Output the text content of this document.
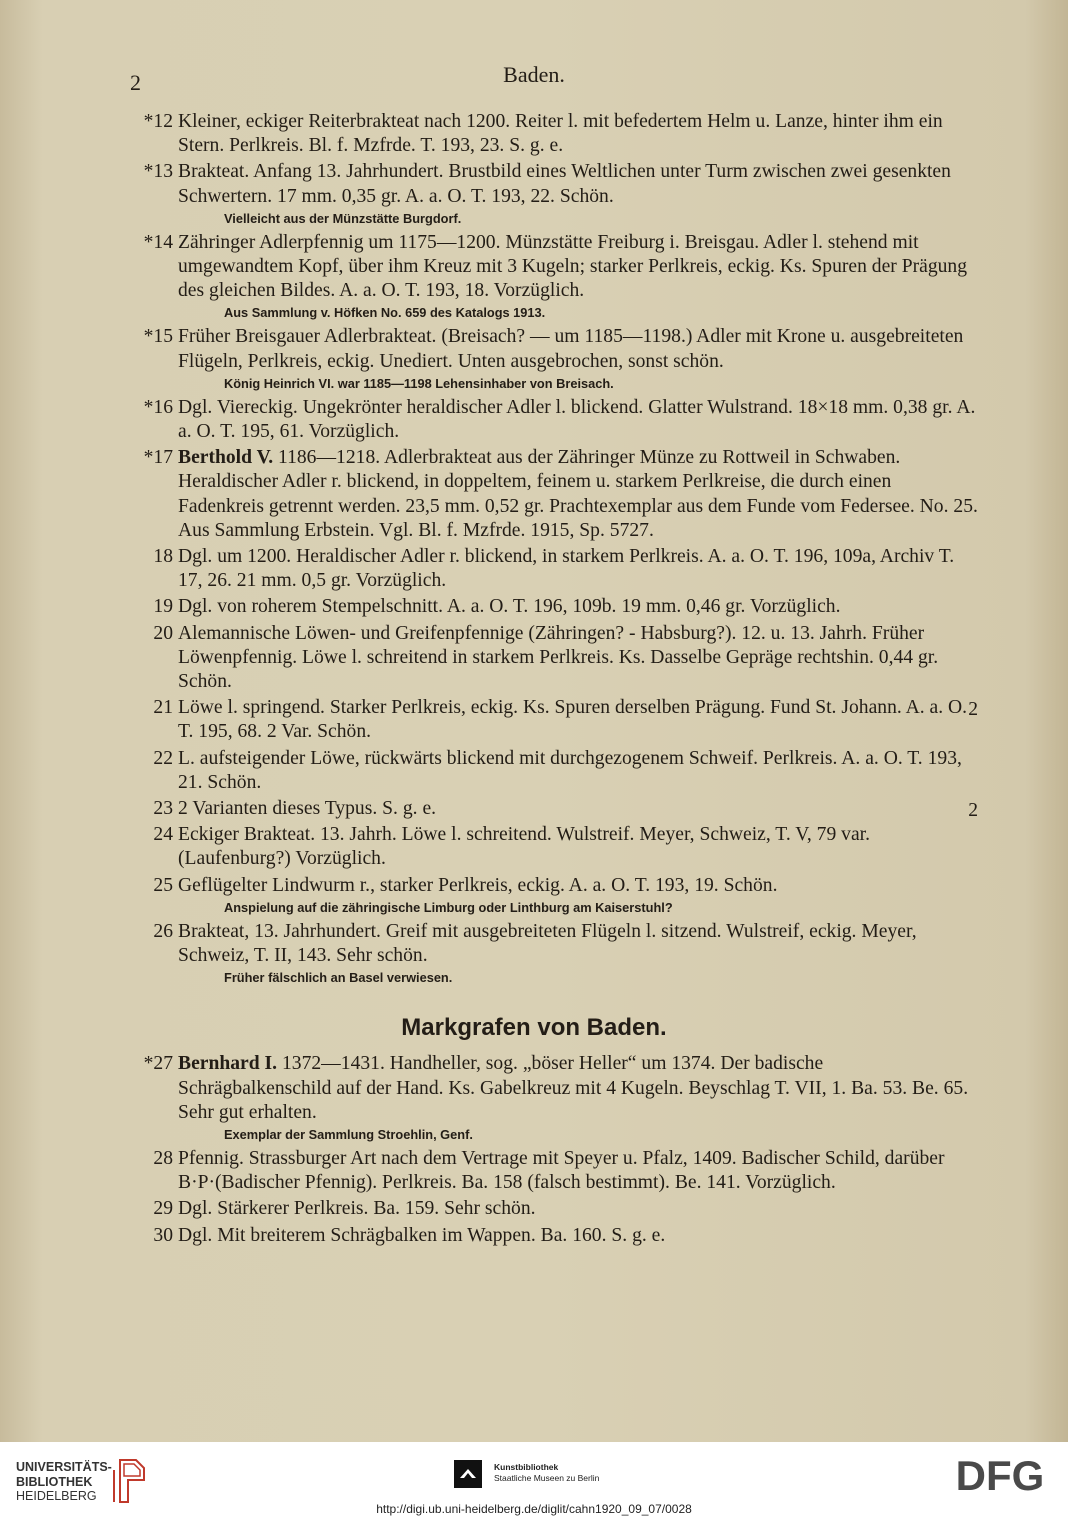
2	Baden.
*12 Kleiner, eckiger Reiterbrakteat nach 1200. Reiter l. mit befedertem Helm u. Lanze, hinter ihm ein Stern. Perlkreis. Bl. f. Mzfrde. T. 193, 23. S. g. e.
*13 Brakteat. Anfang 13. Jahrhundert. Brustbild eines Weltlichen unter Turm zwischen zwei gesenkten Schwertern. 17 mm. 0,35 gr. A. a. O. T. 193, 22. Schön.
Vielleicht aus der Münzstätte Burgdorf.
*14 Zähringer Adlerpfennig um 1175—1200. Münzstätte Freiburg i. Breisgau. Adler l. stehend mit umgewandtem Kopf, über ihm Kreuz mit 3 Kugeln; starker Perlkreis, eckig. Ks. Spuren der Prägung des gleichen Bildes. A. a. O. T. 193, 18. Vorzüglich.
Aus Sammlung v. Höfken No. 659 des Katalogs 1913.
*15 Früher Breisgauer Adlerbrakteat. (Breisach? — um 1185—1198.) Adler mit Krone u. ausgebreiteten Flügeln, Perlkreis, eckig. Unediert. Unten ausgebrochen, sonst schön.
König Heinrich VI. war 1185—1198 Lehensinhaber von Breisach.
*16 Dgl. Viereckig. Ungekrönter heraldischer Adler l. blickend. Glatter Wulstrand. 18×18 mm. 0,38 gr. A. a. O. T. 195, 61. Vorzüglich.
*17 Berthold V. 1186—1218. Adlerbrakteat aus der Zähringer Münze zu Rottweil in Schwaben. Heraldischer Adler r. blickend, in doppeltem, feinem u. starkem Perlkreise, die durch einen Fadenkreis getrennt werden. 23,5 mm. 0,52 gr. Prachtexemplar aus dem Funde vom Federsee. No. 25. Aus Sammlung Erbstein. Vgl. Bl. f. Mzfrde. 1915, Sp. 5727.
18 Dgl. um 1200. Heraldischer Adler r. blickend, in starkem Perlkreis. A. a. O. T. 196, 109a, Archiv T. 17, 26. 21 mm. 0,5 gr. Vorzüglich.
19 Dgl. von roherem Stempelschnitt. A. a. O. T. 196, 109b. 19 mm. 0,46 gr. Vorzüglich.
20 Alemannische Löwen- und Greifenpfennige (Zähringen? - Habsburg?). 12. u. 13. Jahrh. Früher Löwenpfennig. Löwe l. schreitend in starkem Perlkreis. Ks. Dasselbe Gepräge rechtshin. 0,44 gr. Schön.
21	2
Löwe l. springend. Starker Perlkreis, eckig. Ks. Spuren derselben Prägung. Fund St. Johann. A. a. O. T. 195, 68. 2 Var. Schön.
22 L. aufsteigender Löwe, rückwärts blickend mit durchgezogenem Schweif. Perlkreis. A. a. O. T. 193, 21. Schön.
23	2
2 Varianten dieses Typus. S. g. e.
24 Eckiger Brakteat. 13. Jahrh. Löwe l. schreitend. Wulstreif. Meyer, Schweiz, T. V, 79 var. (Laufenburg?) Vorzüglich.
25 Geflügelter Lindwurm r., starker Perlkreis, eckig. A. a. O. T. 193, 19. Schön.
Anspielung auf die zähringische Limburg oder Linthburg am Kaiserstuhl?
26 Brakteat, 13. Jahrhundert. Greif mit ausgebreiteten Flügeln l. sitzend. Wulstreif, eckig. Meyer, Schweiz, T. II, 143. Sehr schön.
Früher fälschlich an Basel verwiesen.
Markgrafen von Baden.
*27 Bernhard I. 1372—1431. Handheller, sog. „böser Heller“ um 1374. Der badische Schrägbalkenschild auf der Hand. Ks. Gabelkreuz mit 4 Kugeln. Beyschlag T. VII, 1. Ba. 53. Be. 65. Sehr gut erhalten.
Exemplar der Sammlung Stroehlin, Genf.
28 Pfennig. Strassburger Art nach dem Vertrage mit Speyer u. Pfalz, 1409. Badischer Schild, darüber B·P·(Badischer Pfennig). Perlkreis. Ba. 158 (falsch bestimmt). Be. 141. Vorzüglich.
29 Dgl. Stärkerer Perlkreis. Ba. 159. Sehr schön.
30 Dgl. Mit breiterem Schrägbalken im Wappen. Ba. 160. S. g. e.
UNIVERSITÄTS-
BIBLIOTHEK
HEIDELBERG
Kunstbibliothek
Staatliche Museen zu Berlin	DFG
http://digi.ub.uni-heidelberg.de/diglit/cahn1920_09_07/0028
